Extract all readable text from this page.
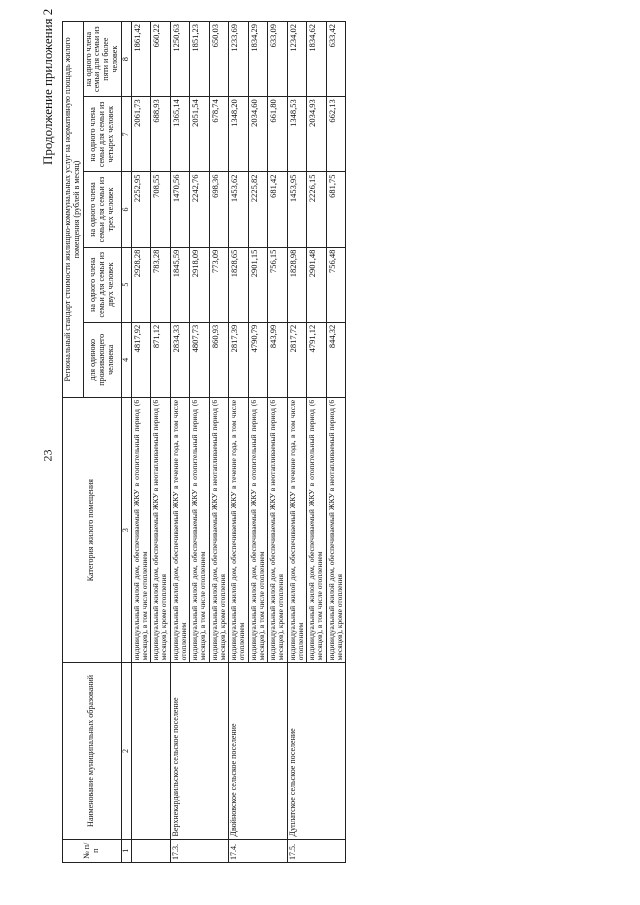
Продолжение приложения 2
№ п/п	Наименование муниципальных образований	Категория жилого помещения	Региональный стандарт стоимости жилищно-коммунальных услуг на нормативную площадь жилого помещения (рублей в месяц)				
			для одиноко проживающего человека	на одного члена семьи для семьи из двух человек	на одного члена семьи для семьи из трех человек	на одного члена семьи для семьи из четырех человек	на одного члена семьи для семьи из пяти и более человек
1	2	3	4	5	6	7	8
		индивидуальный жилой дом, обеспечиваемый ЖКУ в отопительный период (6 месяцев), в том числе отоплением	4817,92	2928,28	2252,95	2061,73	1861,42
		индивидуальный жилой дом, обеспечиваемый ЖКУ в неотапливаемый период (6 месяцев), кроме отопления	871,12	783,28	708,55	688,93	660,22
17.3.	Верхнекардаильское сельское поселение	индивидуальный жилой дом, обеспечиваемый ЖКУ в течение года, в том числе отоплением	2834,33	1845,59	1470,56	1365,14	1250,63
		индивидуальный жилой дом, обеспечиваемый ЖКУ в отопительный период (6 месяцев), в том числе отоплением	4807,73	2918,09	2242,76	2051,54	1851,23
		индивидуальный жилой дом, обеспечиваемый ЖКУ в неотапливаемый период (6 месяцев), кроме отопления	860,93	773,09	698,36	678,74	650,03
17.4.	Двойновское сельское поселение	индивидуальный жилой дом, обеспечиваемый ЖКУ в течение года, в том числе отоплением	2817,39	1828,65	1453,62	1348,20	1233,69
		индивидуальный жилой дом, обеспечиваемый ЖКУ в отопительный период (6 месяцев), в том числе отоплением	4790,79	2901,15	2225,82	2034,60	1834,29
		индивидуальный жилой дом, обеспечиваемый ЖКУ в неотапливаемый период (6 месяцев), кроме отопления	843,99	756,15	681,42	661,80	633,09
17.5.	Дуплатское сельское поселение	индивидуальный жилой дом, обеспечиваемый ЖКУ в течение года, в том числе отоплением	2817,72	1828,98	1453,95	1348,53	1234,02
		индивидуальный жилой дом, обеспечиваемый ЖКУ в отопительный период (6 месяцев), в том числе отоплением	4791,12	2901,48	2226,15	2034,93	1834,62
		индивидуальный жилой дом, обеспечиваемый ЖКУ в неотапливаемый период (6 месяцев), кроме отопления	844,32	756,48	681,75	662,13	633,42
23
